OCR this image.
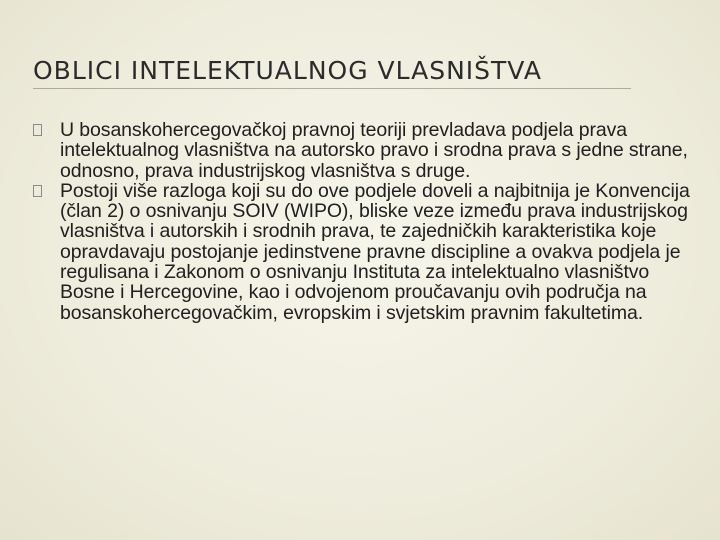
OBLICI INTELEKTUALNOG VLASNIŠTVA
U bosanskohercegovačkoj pravnoj teoriji prevladava podjela prava intelektualnog vlasništva na autorsko pravo i srodna prava s jedne strane, odnosno, prava industrijskog vlasništva s druge.
Postoji više razloga koji su do ove podjele doveli a najbitnija je Konvencija (član 2) o osnivanju SOIV (WIPO), bliske veze između prava industrijskog vlasništva i autorskih i srodnih prava, te zajedničkih karakteristika koje opravdavaju postojanje jedinstvene pravne discipline a ovakva podjela je regulisana i Zakonom o osnivanju Instituta za intelektualno vlasništvo Bosne i Hercegovine, kao i odvojenom proučavanju ovih područja na bosanskohercegovačkim, evropskim i svjetskim pravnim fakultetima.
